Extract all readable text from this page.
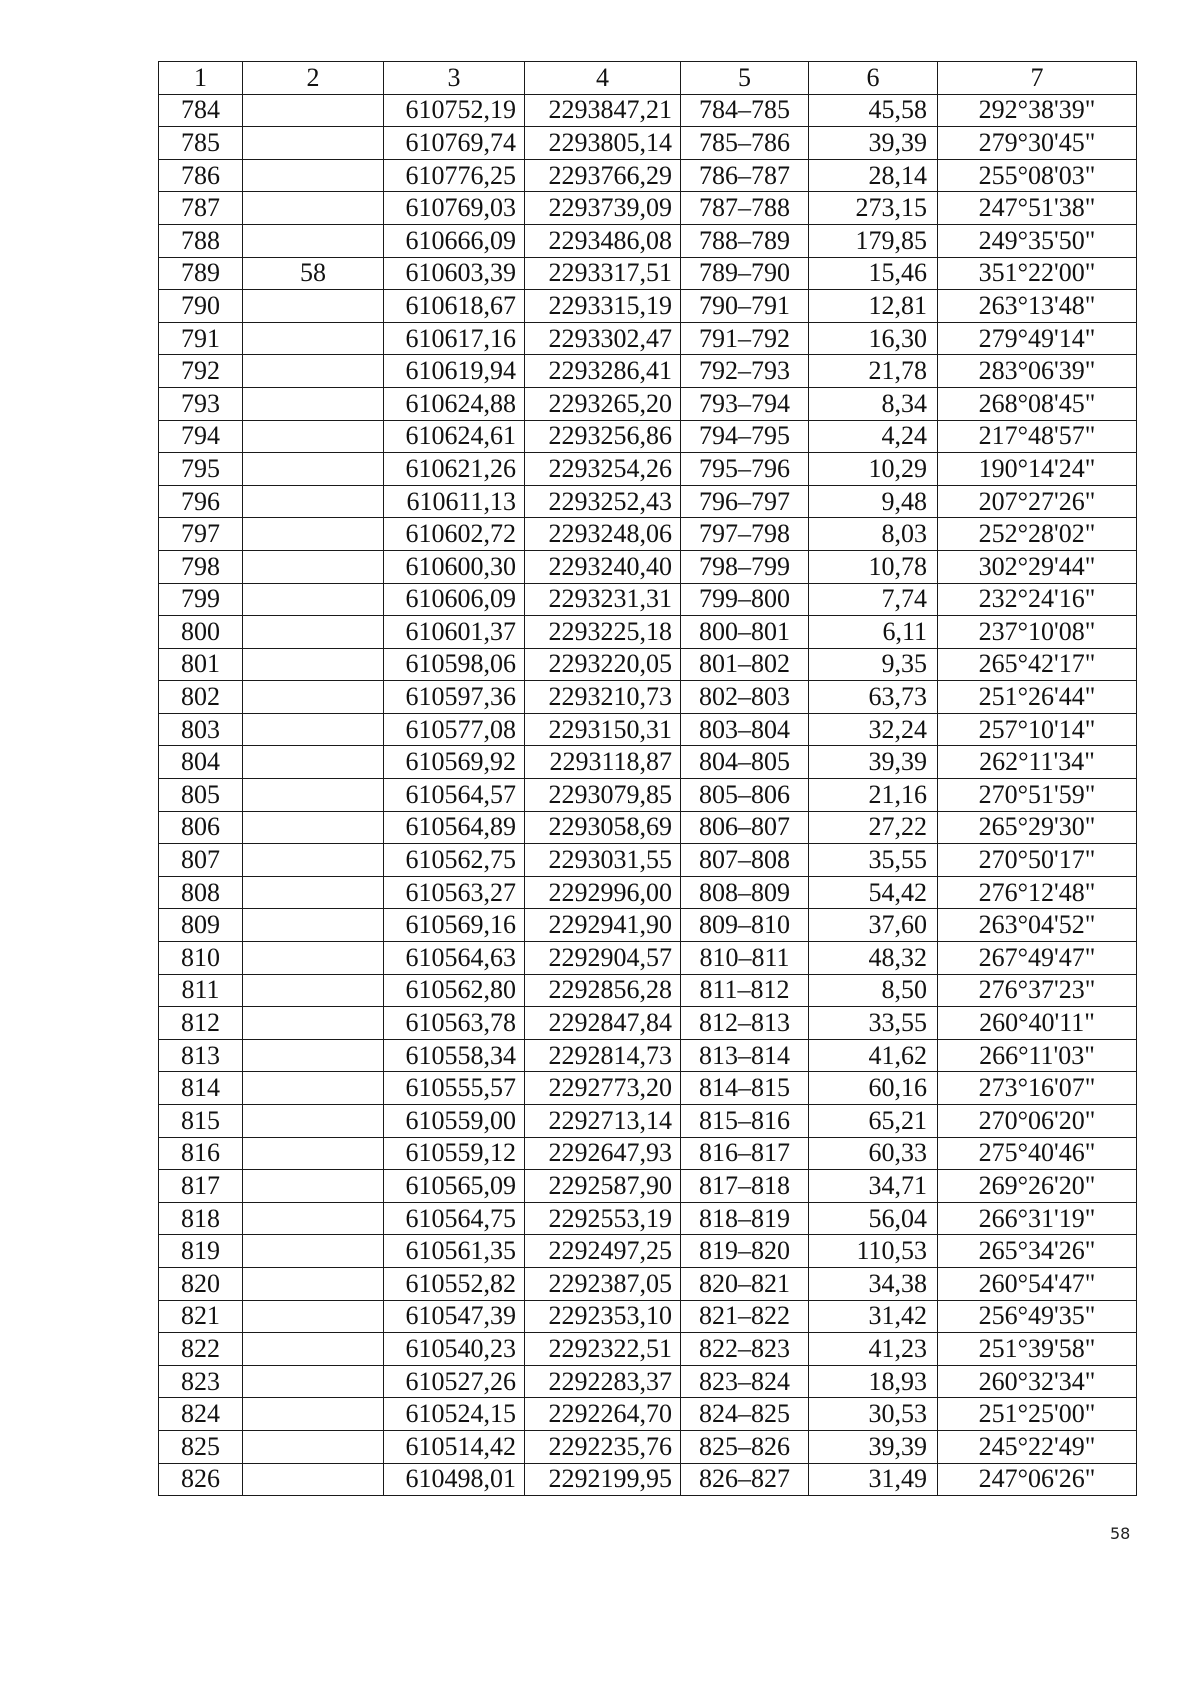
1	2	3	4	5	6	7
784		610752,19	2293847,21	784–785	45,58	292°38'39"
785		610769,74	2293805,14	785–786	39,39	279°30'45"
786		610776,25	2293766,29	786–787	28,14	255°08'03"
787		610769,03	2293739,09	787–788	273,15	247°51'38"
788		610666,09	2293486,08	788–789	179,85	249°35'50"
789	58	610603,39	2293317,51	789–790	15,46	351°22'00"
790		610618,67	2293315,19	790–791	12,81	263°13'48"
791		610617,16	2293302,47	791–792	16,30	279°49'14"
792		610619,94	2293286,41	792–793	21,78	283°06'39"
793		610624,88	2293265,20	793–794	8,34	268°08'45"
794		610624,61	2293256,86	794–795	4,24	217°48'57"
795		610621,26	2293254,26	795–796	10,29	190°14'24"
796		610611,13	2293252,43	796–797	9,48	207°27'26"
797		610602,72	2293248,06	797–798	8,03	252°28'02"
798		610600,30	2293240,40	798–799	10,78	302°29'44"
799		610606,09	2293231,31	799–800	7,74	232°24'16"
800		610601,37	2293225,18	800–801	6,11	237°10'08"
801		610598,06	2293220,05	801–802	9,35	265°42'17"
802		610597,36	2293210,73	802–803	63,73	251°26'44"
803		610577,08	2293150,31	803–804	32,24	257°10'14"
804		610569,92	2293118,87	804–805	39,39	262°11'34"
805		610564,57	2293079,85	805–806	21,16	270°51'59"
806		610564,89	2293058,69	806–807	27,22	265°29'30"
807		610562,75	2293031,55	807–808	35,55	270°50'17"
808		610563,27	2292996,00	808–809	54,42	276°12'48"
809		610569,16	2292941,90	809–810	37,60	263°04'52"
810		610564,63	2292904,57	810–811	48,32	267°49'47"
811		610562,80	2292856,28	811–812	8,50	276°37'23"
812		610563,78	2292847,84	812–813	33,55	260°40'11"
813		610558,34	2292814,73	813–814	41,62	266°11'03"
814		610555,57	2292773,20	814–815	60,16	273°16'07"
815		610559,00	2292713,14	815–816	65,21	270°06'20"
816		610559,12	2292647,93	816–817	60,33	275°40'46"
817		610565,09	2292587,90	817–818	34,71	269°26'20"
818		610564,75	2292553,19	818–819	56,04	266°31'19"
819		610561,35	2292497,25	819–820	110,53	265°34'26"
820		610552,82	2292387,05	820–821	34,38	260°54'47"
821		610547,39	2292353,10	821–822	31,42	256°49'35"
822		610540,23	2292322,51	822–823	41,23	251°39'58"
823		610527,26	2292283,37	823–824	18,93	260°32'34"
824		610524,15	2292264,70	824–825	30,53	251°25'00"
825		610514,42	2292235,76	825–826	39,39	245°22'49"
826		610498,01	2292199,95	826–827	31,49	247°06'26"
58
